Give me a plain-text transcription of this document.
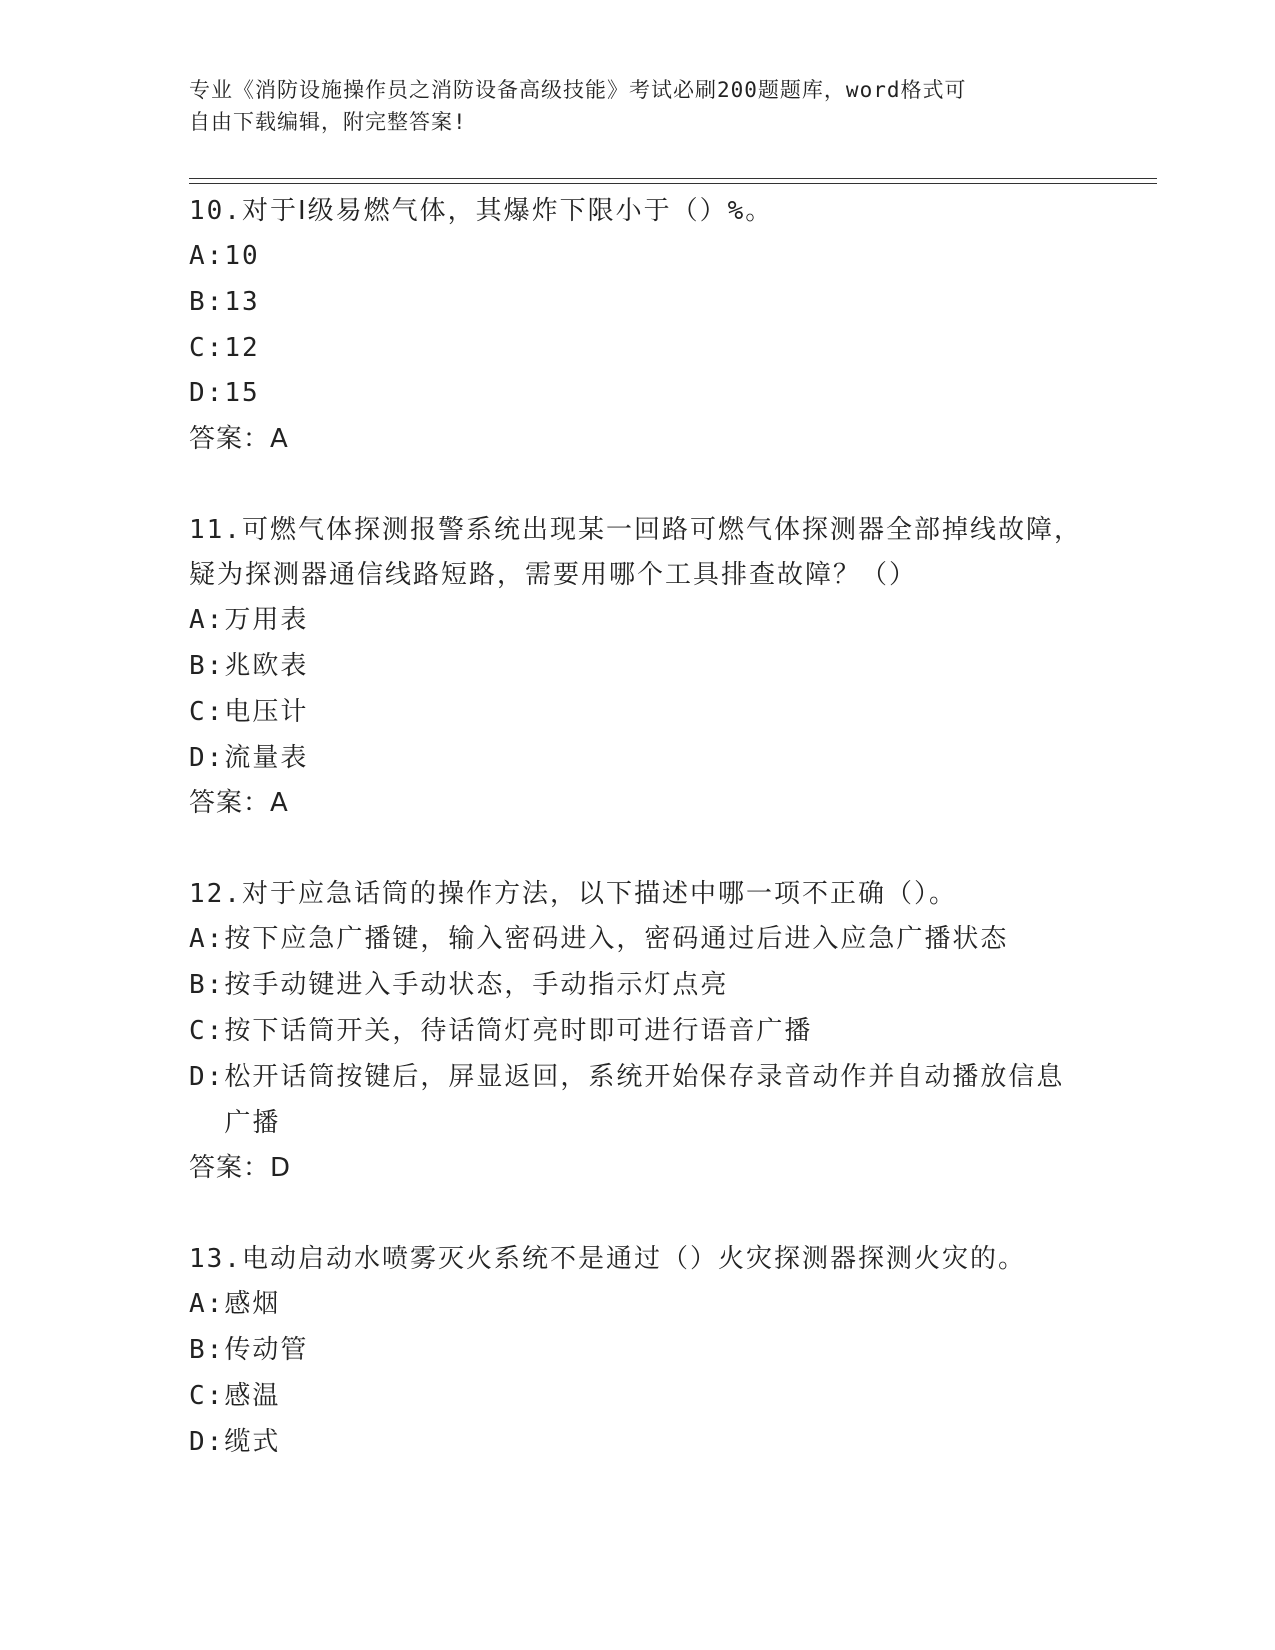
专业《消防设施操作员之消防设备高级技能》考试必刷200题题库，word格式可
自由下载编辑，附完整答案!
10.对于Ⅰ级易燃气体，其爆炸下限小于（）%。
A: 10
B: 13
C: 12
D: 15
答案：A
11.可燃气体探测报警系统出现某一回路可燃气体探测器全部掉线故障，疑为探测器通信线路短路，需要用哪个工具排查故障？（）
A: 万用表
B: 兆欧表
C: 电压计
D: 流量表
答案：A
12.对于应急话筒的操作方法，以下描述中哪一项不正确（）。
A: 按下应急广播键，输入密码进入，密码通过后进入应急广播状态
B: 按手动键进入手动状态，手动指示灯点亮
C: 按下话筒开关，待话筒灯亮时即可进行语音广播
D: 松开话筒按键后，屏显返回，系统开始保存录音动作并自动播放信息广播
答案：D
13.电动启动水喷雾灭火系统不是通过（）火灾探测器探测火灾的。
A: 感烟
B: 传动管
C: 感温
D: 缆式
